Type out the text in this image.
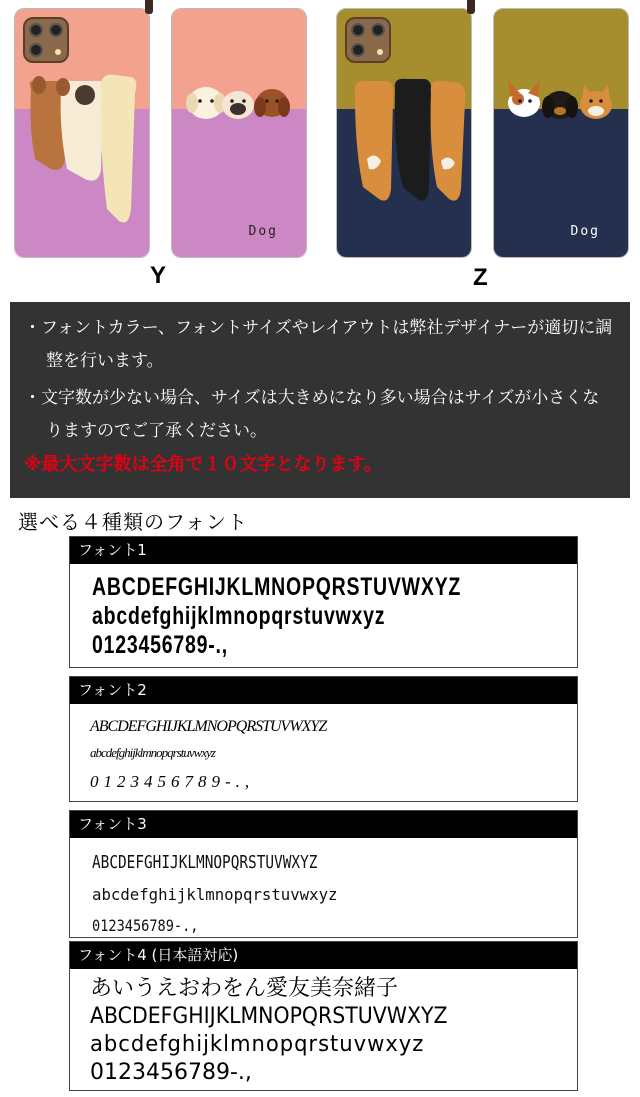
Dog
Y
Dog
Z

・フォントカラー、フォントサイズやレイアウトは弊社デザイナーが適切に調整を行います。

・文字数が少ない場合、サイズは大きめになり多い場合はサイズが小さくなりますのでご了承ください。

※最大文字数は全角で１０文字となります。

選べる４種類のフォント
フォント1
ABCDEFGHIJKLMNOPQRSTUVWXYZ
abcdefghijklmnopqrstuvwxyz
0123456789-.,
フォント2
ABCDEFGHIJKLMNOPQRSTUVWXYZ
abcdefghijklmnopqrstuvwxyz
0123456789-.,
フォント3
ABCDEFGHIJKLMNOPQRSTUVWXYZ
abcdefghijklmnopqrstuvwxyz
0123456789-.,
フォント4 (日本語対応)
あいうえおわをん愛友美奈緒子
ABCDEFGHIJKLMNOPQRSTUVWXYZ
abcdefghijklmnopqrstuvwxyz
0123456789-.,
